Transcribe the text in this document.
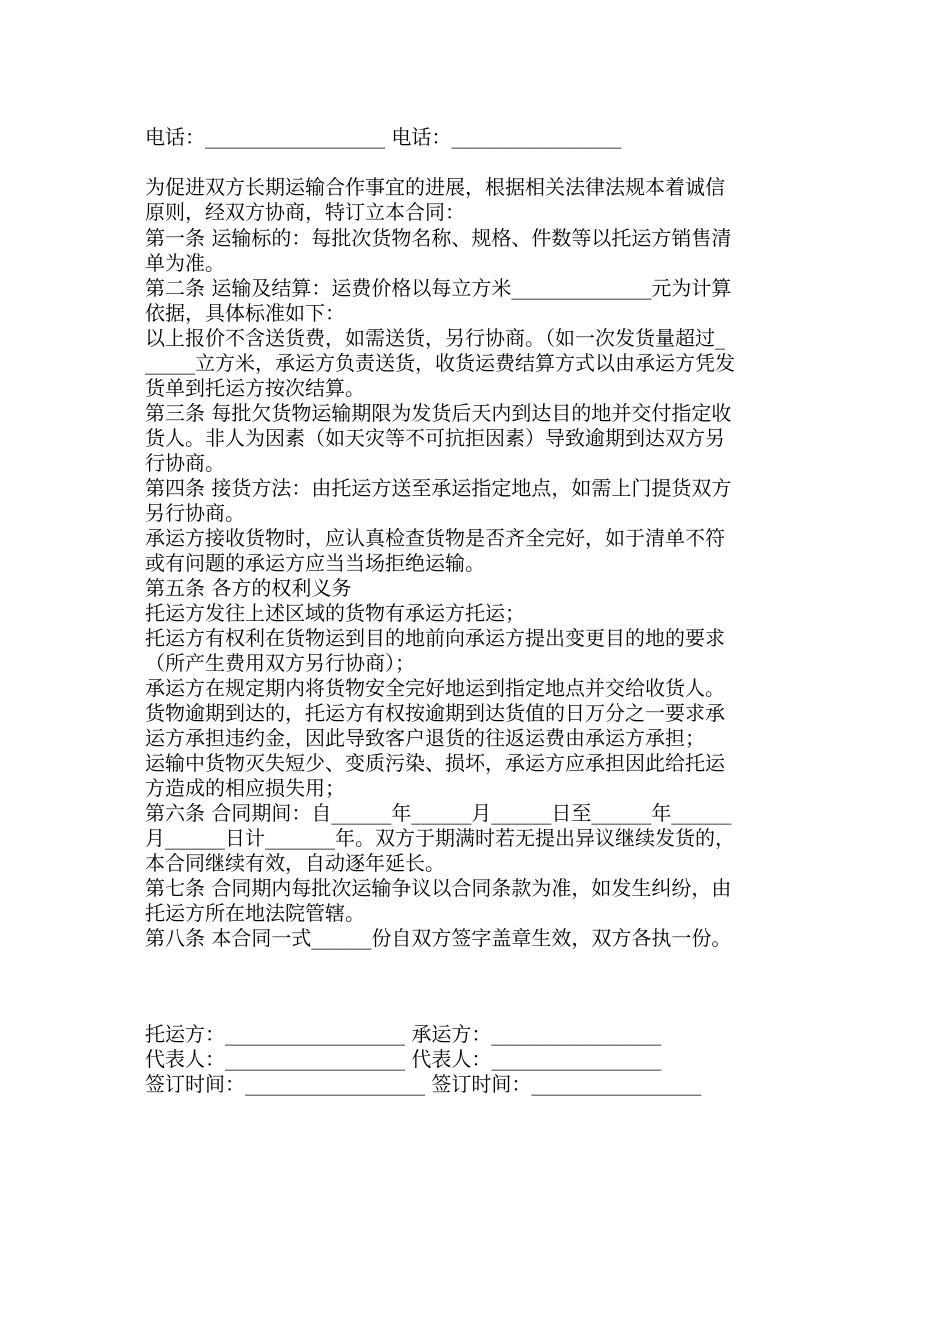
电话：__________________ 电话：_________________
为促进双方长期运输合作事宜的进展，根据相关法律法规本着诚信
原则，经双方协商，特订立本合同：
第一条 运输标的：每批次货物名称、规格、件数等以托运方销售清
单为准。
第二条 运输及结算：运费价格以每立方米______________元为计算
依据，具体标准如下：
以上报价不含送货费，如需送货，另行协商。（如一次发货量超过_
_____立方米，承运方负责送货，收货运费结算方式以由承运方凭发
货单到托运方按次结算。
第三条 每批欠货物运输期限为发货后天内到达目的地并交付指定收
货人。非人为因素（如天灾等不可抗拒因素）导致逾期到达双方另
行协商。
第四条 接货方法：由托运方送至承运指定地点，如需上门提货双方
另行协商。
承运方接收货物时，应认真检查货物是否齐全完好，如于清单不符
或有问题的承运方应当当场拒绝运输。
第五条 各方的权利义务
托运方发往上述区域的货物有承运方托运；
托运方有权利在货物运到目的地前向承运方提出变更目的地的要求
（所产生费用双方另行协商）；
承运方在规定期内将货物安全完好地运到指定地点并交给收货人。
货物逾期到达的，托运方有权按逾期到达货值的日万分之一要求承
运方承担违约金，因此导致客户退货的往返运费由承运方承担；
运输中货物灭失短少、变质污染、损坏，承运方应承担因此给托运
方造成的相应损失用；
第六条 合同期间：自______年______月______日至______年______
月______日计_______年。双方于期满时若无提出异议继续发货的，
本合同继续有效，自动逐年延长。
第七条 合同期内每批次运输争议以合同条款为准，如发生纠纷，由
托运方所在地法院管辖。
第八条 本合同一式______份自双方签字盖章生效，双方各执一份。
托运方：__________________ 承运方：_________________
代表人：__________________ 代表人：_________________
签订时间：__________________ 签订时间：_________________
